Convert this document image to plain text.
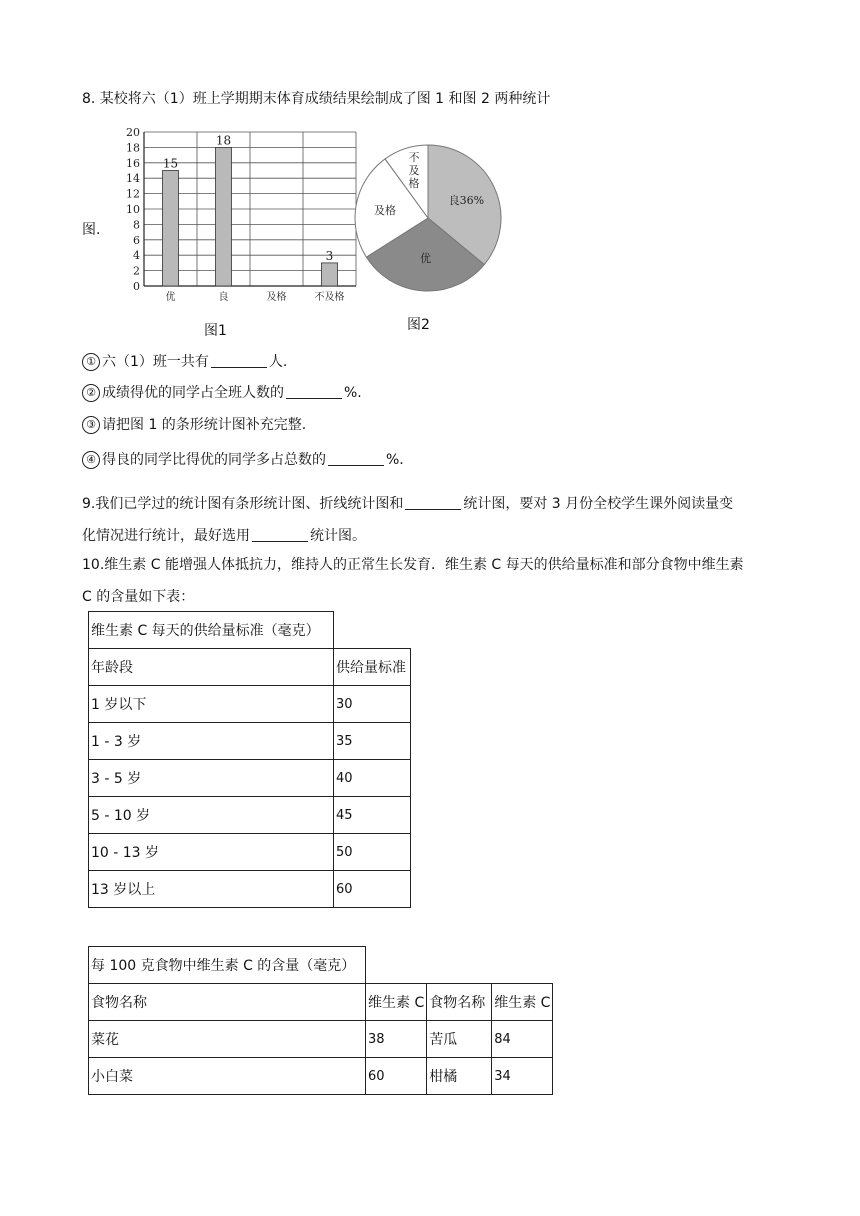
8. 某校将六（1）班上学期期末体育成绩结果绘制成了图 1 和图 2 两种统计
图.
0
2
4
6
8
10
12
14
16
18
20
15
优
18
良	及格
3
不及格
图1
良36%
优
及格
不及格
图2
① 六（1）班一共有	人.
② 成绩得优的同学占全班人数的	%.
③ 请把图 1 的条形统计图补充完整.
④ 得良的同学比得优的同学多占总数的	%.
9.我们已学过的统计图有条形统计图、折线统计图和	统计图，要对 3 月份全校学生课外阅读量变
化情况进行统计，最好选用	统计图。
10.维生素 C 能增强人体抵抗力，维持人的正常生长发育．维生素 C 每天的供给量标准和部分食物中维生素
C 的含量如下表：
维生素 C 每天的供给量标准（毫克）	
年龄段	供给量标准
1 岁以下	30
1 - 3 岁	35
3 - 5 岁	40
5 - 10 岁	45
10 - 13 岁	50
13 岁以上	60
每 100 克食物中维生素 C 的含量（毫克）			
食物名称	维生素 C	食物名称	维生素 C
菜花	38	苦瓜	84
小白菜	60	柑橘	34
